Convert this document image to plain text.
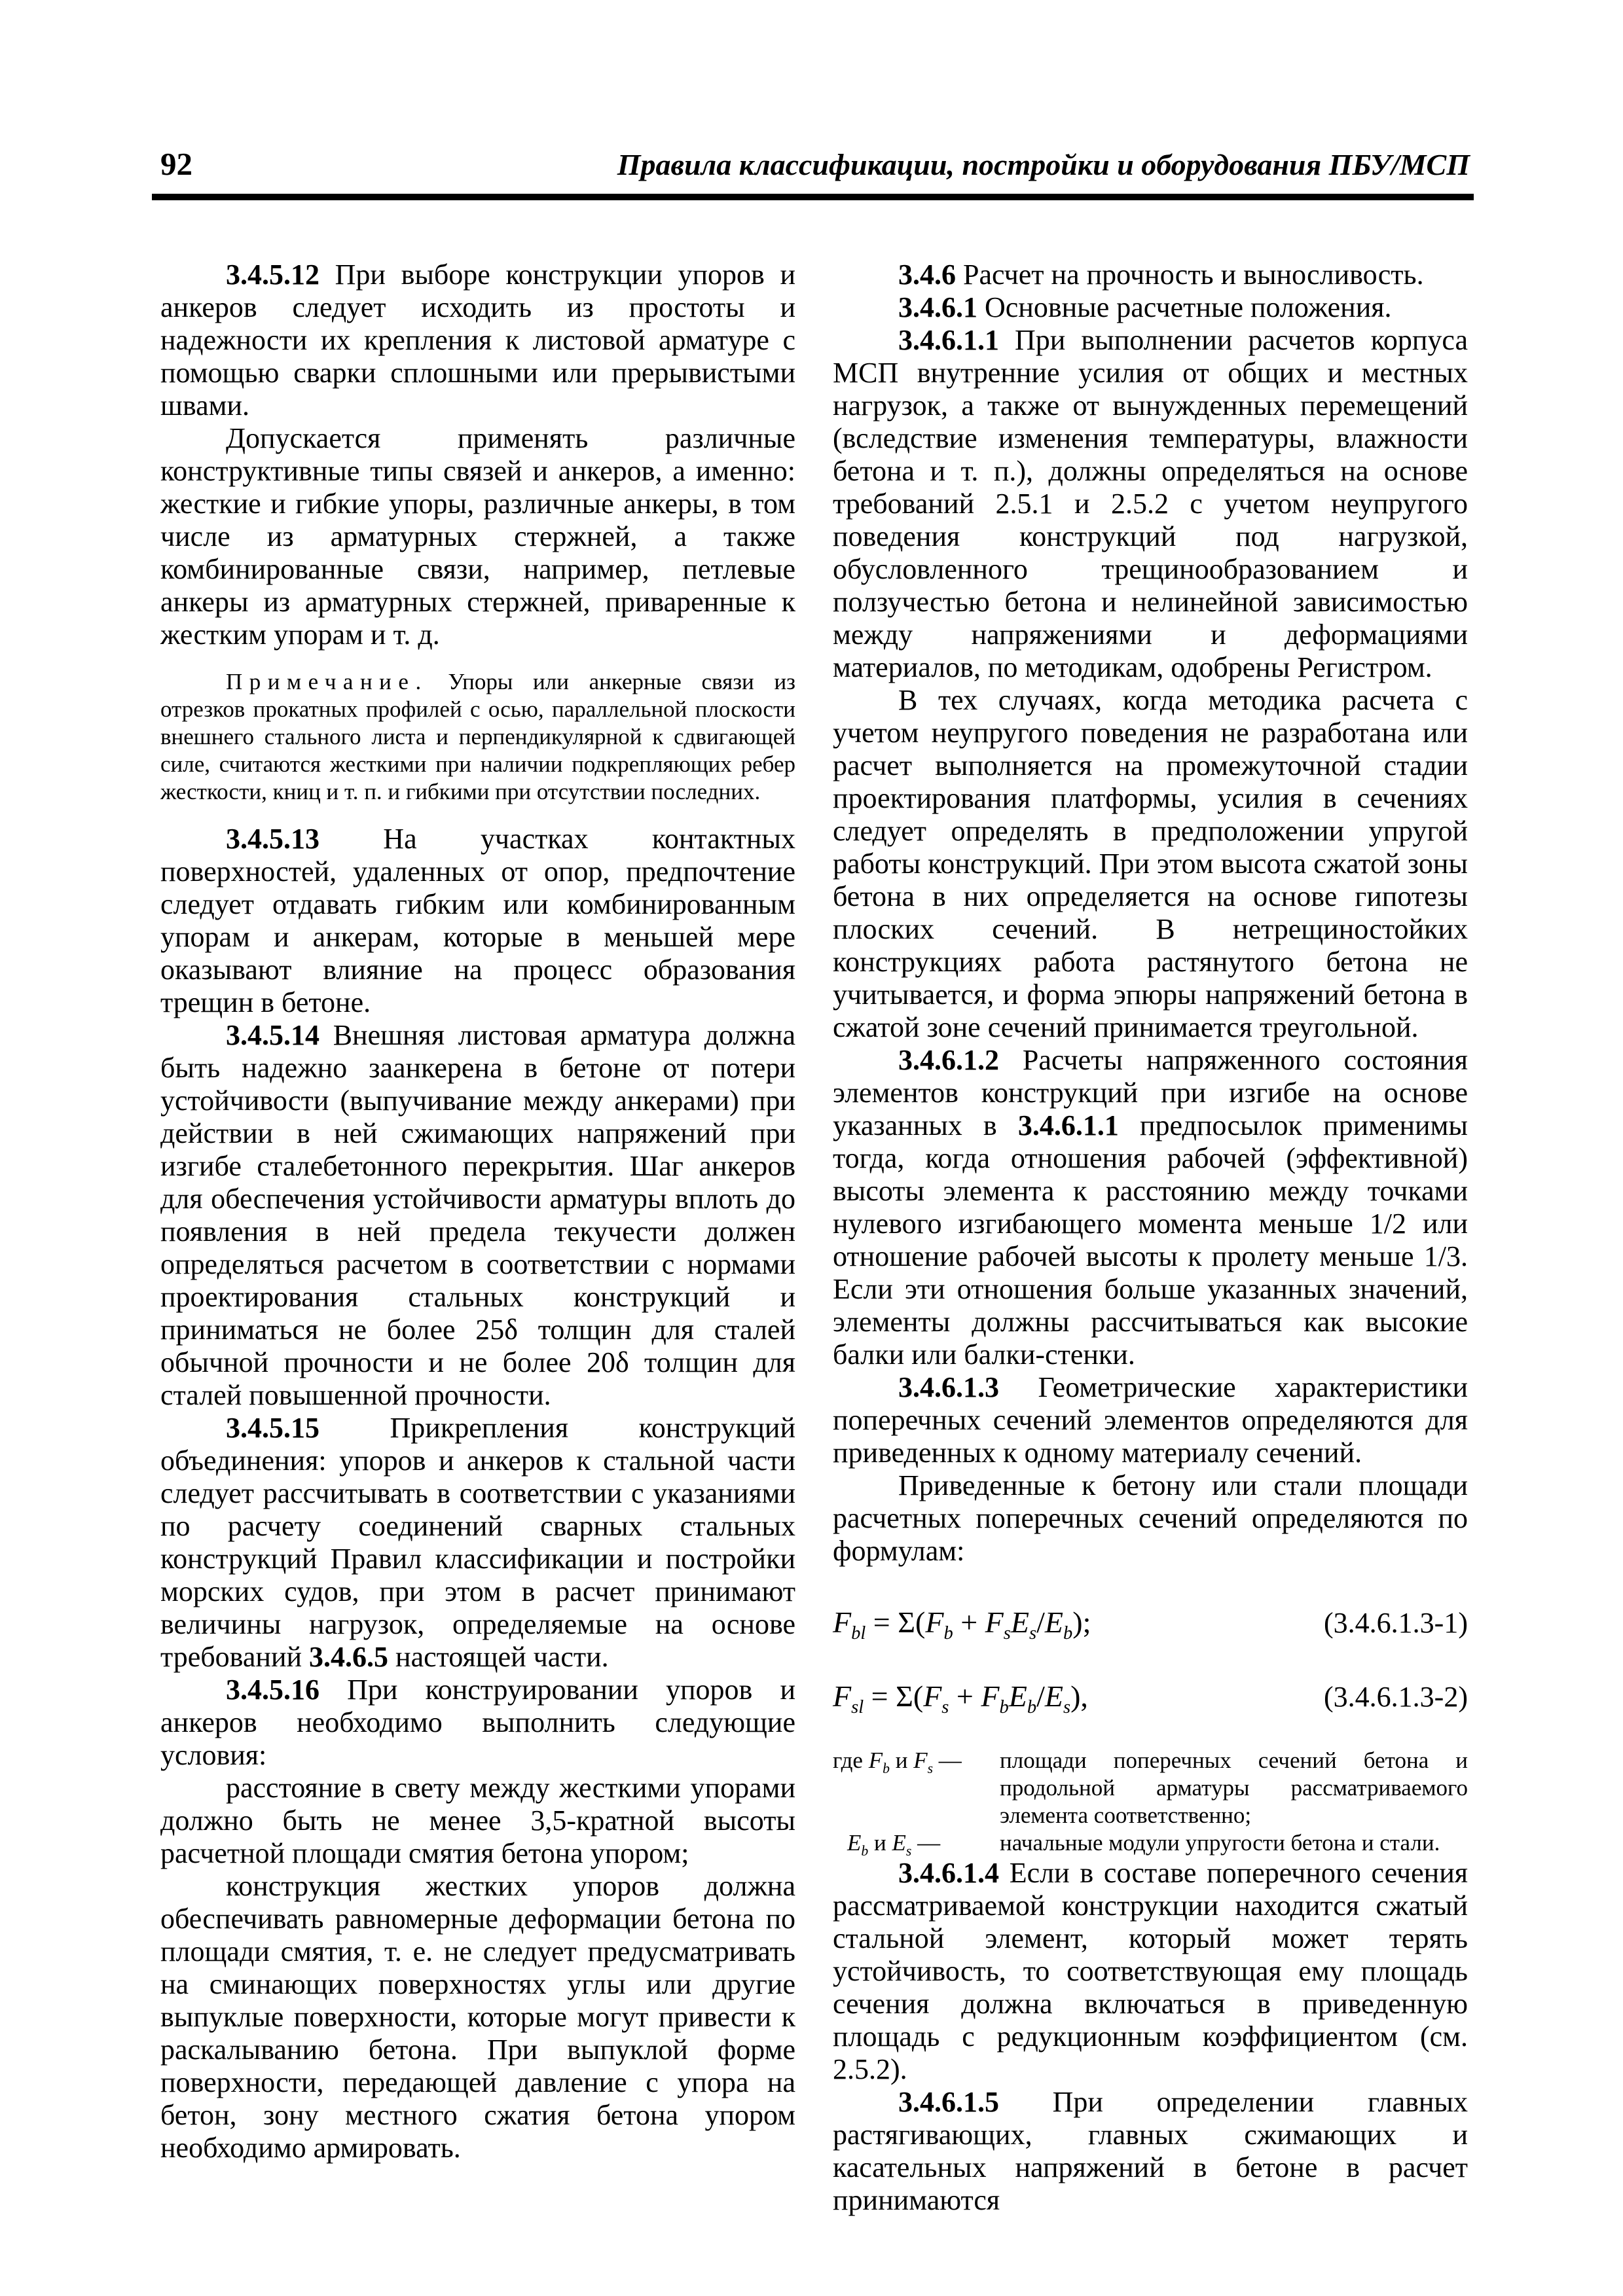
92	Правила классификации, постройки и оборудования ПБУ/МСП
3.4.5.12 При выборе конструкции упоров и анкеров следует исходить из простоты и надежности их крепления к листовой арматуре с помощью сварки сплошными или прерывистыми швами.
Допускается применять различные конструктивные типы связей и анкеров, а именно: жесткие и гибкие упоры, различные анкеры, в том числе из арматурных стержней, а также комбинированные связи, например, петлевые анкеры из арматурных стержней, приваренные к жестким упорам и т. д.
Примечание. Упоры или анкерные связи из отрезков прокатных профилей с осью, параллельной плоскости внешнего стального листа и перпендикулярной к сдвигающей силе, считаются жесткими при наличии подкрепляющих ребер жесткости, книц и т. п. и гибкими при отсутствии последних.
3.4.5.13 На участках контактных поверхностей, удаленных от опор, предпочтение следует отдавать гибким или комбинированным упорам и анкерам, которые в меньшей мере оказывают влияние на процесс образования трещин в бетоне.
3.4.5.14 Внешняя листовая арматура должна быть надежно заанкерена в бетоне от потери устойчивости (выпучивание между анкерами) при действии в ней сжимающих напряжений при изгибе сталебетонного перекрытия. Шаг анкеров для обеспечения устойчивости арматуры вплоть до появления в ней предела текучести должен определяться расчетом в соответствии с нормами проектирования стальных конструкций и приниматься не более 25δ толщин для сталей обычной прочности и не более 20δ толщин для сталей повышенной прочности.
3.4.5.15 Прикрепления конструкций объединения: упоров и анкеров к стальной части следует рассчитывать в соответствии с указаниями по расчету соединений сварных стальных конструкций Правил классификации и постройки морских судов, при этом в расчет принимают величины нагрузок, определяемые на основе требований 3.4.6.5 настоящей части.
3.4.5.16 При конструировании упоров и анкеров необходимо выполнить следующие условия:
расстояние в свету между жесткими упорами должно быть не менее 3,5-кратной высоты расчетной площади смятия бетона упором;
конструкция жестких упоров должна обеспечивать равномерные деформации бетона по площади смятия, т. е. не следует предусматривать на сминающих поверхностях углы или другие выпуклые поверхности, которые могут привести к раскалыванию бетона. При выпуклой форме поверхности, передающей давление с упора на бетон, зону местного сжатия бетона упором необходимо армировать.
3.4.6 Расчет на прочность и выносливость.
3.4.6.1 Основные расчетные положения.
3.4.6.1.1 При выполнении расчетов корпуса МСП внутренние усилия от общих и местных нагрузок, а также от вынужденных перемещений (вследствие изменения температуры, влажности бетона и т. п.), должны определяться на основе требований 2.5.1 и 2.5.2 с учетом неупругого поведения конструкций под нагрузкой, обусловленного трещинообразованием и ползучестью бетона и нелинейной зависимостью между напряжениями и деформациями материалов, по методикам, одобрены Регистром.
В тех случаях, когда методика расчета с учетом неупругого поведения не разработана или расчет выполняется на промежуточной стадии проектирования платформы, усилия в сечениях следует определять в предположении упругой работы конструкций. При этом высота сжатой зоны бетона в них определяется на основе гипотезы плоских сечений. В нетрещиностойких конструкциях работа растянутого бетона не учитывается, и форма эпюры напряжений бетона в сжатой зоне сечений принимается треугольной.
3.4.6.1.2 Расчеты напряженного состояния элементов конструкций при изгибе на основе указанных в 3.4.6.1.1 предпосылок применимы тогда, когда отношения рабочей (эффективной) высоты элемента к расстоянию между точками нулевого изгибающего момента меньше 1/2 или отношение рабочей высоты к пролету меньше 1/3. Если эти отношения больше указанных значений, элементы должны рассчитываться как высокие балки или балки-стенки.
3.4.6.1.3 Геометрические характеристики поперечных сечений элементов определяются для приведенных к одному материалу сечений.
Приведенные к бетону или стали площади расчетных поперечных сечений определяются по формулам:
$F_{bl} = \Sigma(F_b + F_sE_s/E_b)$;	(3.4.6.1.3-1)
$F_{sl} = \Sigma(F_s + F_bE_b/E_s)$,	(3.4.6.1.3-2)
где $F_b$ и $F_s$ —	площади поперечных сечений бетона и продольной арматуры рассматриваемого элемента соответственно;
$E_b$ и $E_s$ —	начальные модули упругости бетона и стали.
3.4.6.1.4 Если в составе поперечного сечения рассматриваемой конструкции находится сжатый стальной элемент, который может терять устойчивость, то соответствующая ему площадь сечения должна включаться в приведенную площадь с редукционным коэффициентом (см. 2.5.2).
3.4.6.1.5 При определении главных растягивающих, главных сжимающих и касательных напряжений в бетоне в расчет принимаются
